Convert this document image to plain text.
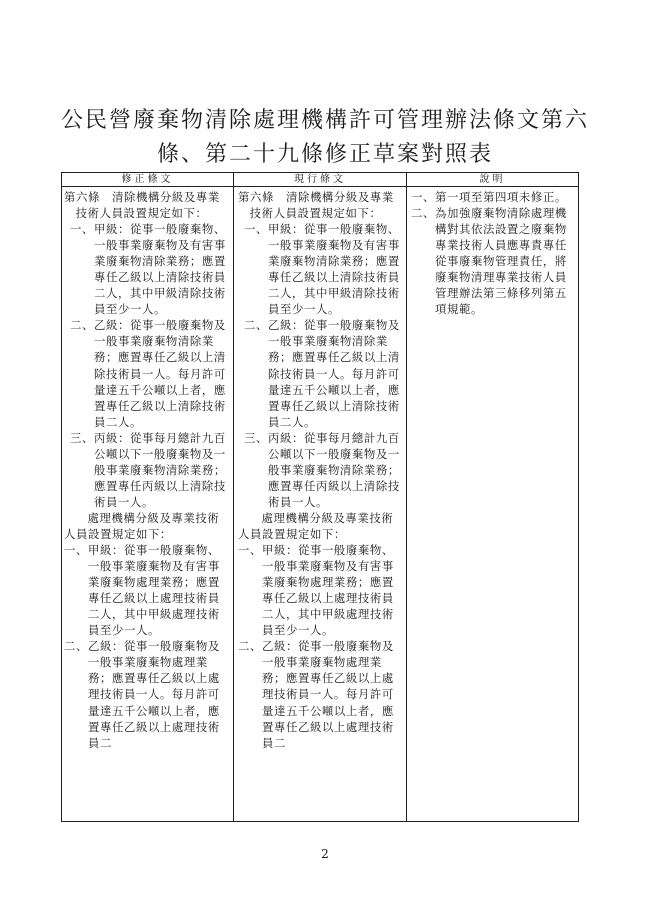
公民營廢棄物清除處理機構許可管理辦法條文第六
條、第二十九條修正草案對照表
修正條文	現行條文	說明

第六條　清除機構分級及專業技術人員設置規定如下：

一、 甲級：從事一般廢棄物、一般事業廢棄物及有害事業廢棄物清除業務；應置專任乙級以上清除技術員二人，其中甲級清除技術員至少一人。
二、 乙級：從事一般廢棄物及一般事業廢棄物清除業務；應置專任乙級以上清除技術員一人。每月許可量達五千公噸以上者，應置專任乙級以上清除技術員二人。
三、 丙級：從事每月總計九百公噸以下一般廢棄物及一般事業廢棄物清除業務；應置專任丙級以上清除技術員一人。

處理機構分級及專業技術人員設置規定如下：

一、 甲級：從事一般廢棄物、一般事業廢棄物及有害事業廢棄物處理業務；應置專任乙級以上處理技術員二人，其中甲級處理技術員至少一人。
二、 乙級：從事一般廢棄物及一般事業廢棄物處理業務；應置專任乙級以上處理技術員一人。每月許可量達五千公噸以上者，應置專任乙級以上處理技術員二

第六條　清除機構分級及專業技術人員設置規定如下：

一、 甲級：從事一般廢棄物、一般事業廢棄物及有害事業廢棄物清除業務；應置專任乙級以上清除技術員二人，其中甲級清除技術員至少一人。
二、 乙級：從事一般廢棄物及一般事業廢棄物清除業務；應置專任乙級以上清除技術員一人。每月許可量達五千公噸以上者，應置專任乙級以上清除技術員二人。
三、 丙級：從事每月總計九百公噸以下一般廢棄物及一般事業廢棄物清除業務；應置專任丙級以上清除技術員一人。

處理機構分級及專業技術人員設置規定如下：

一、 甲級：從事一般廢棄物、一般事業廢棄物及有害事業廢棄物處理業務；應置專任乙級以上處理技術員二人，其中甲級處理技術員至少一人。
二、 乙級：從事一般廢棄物及一般事業廢棄物處理業務；應置專任乙級以上處理技術員一人。每月許可量達五千公噸以上者，應置專任乙級以上處理技術員二
一、 第一項至第四項未修正。
二、 為加強廢棄物清除處理機構對其依法設置之廢棄物專業技術人員應專責專任從事廢棄物管理責任，將廢棄物清理專業技術人員管理辦法第三條移列第五項規範。
2
